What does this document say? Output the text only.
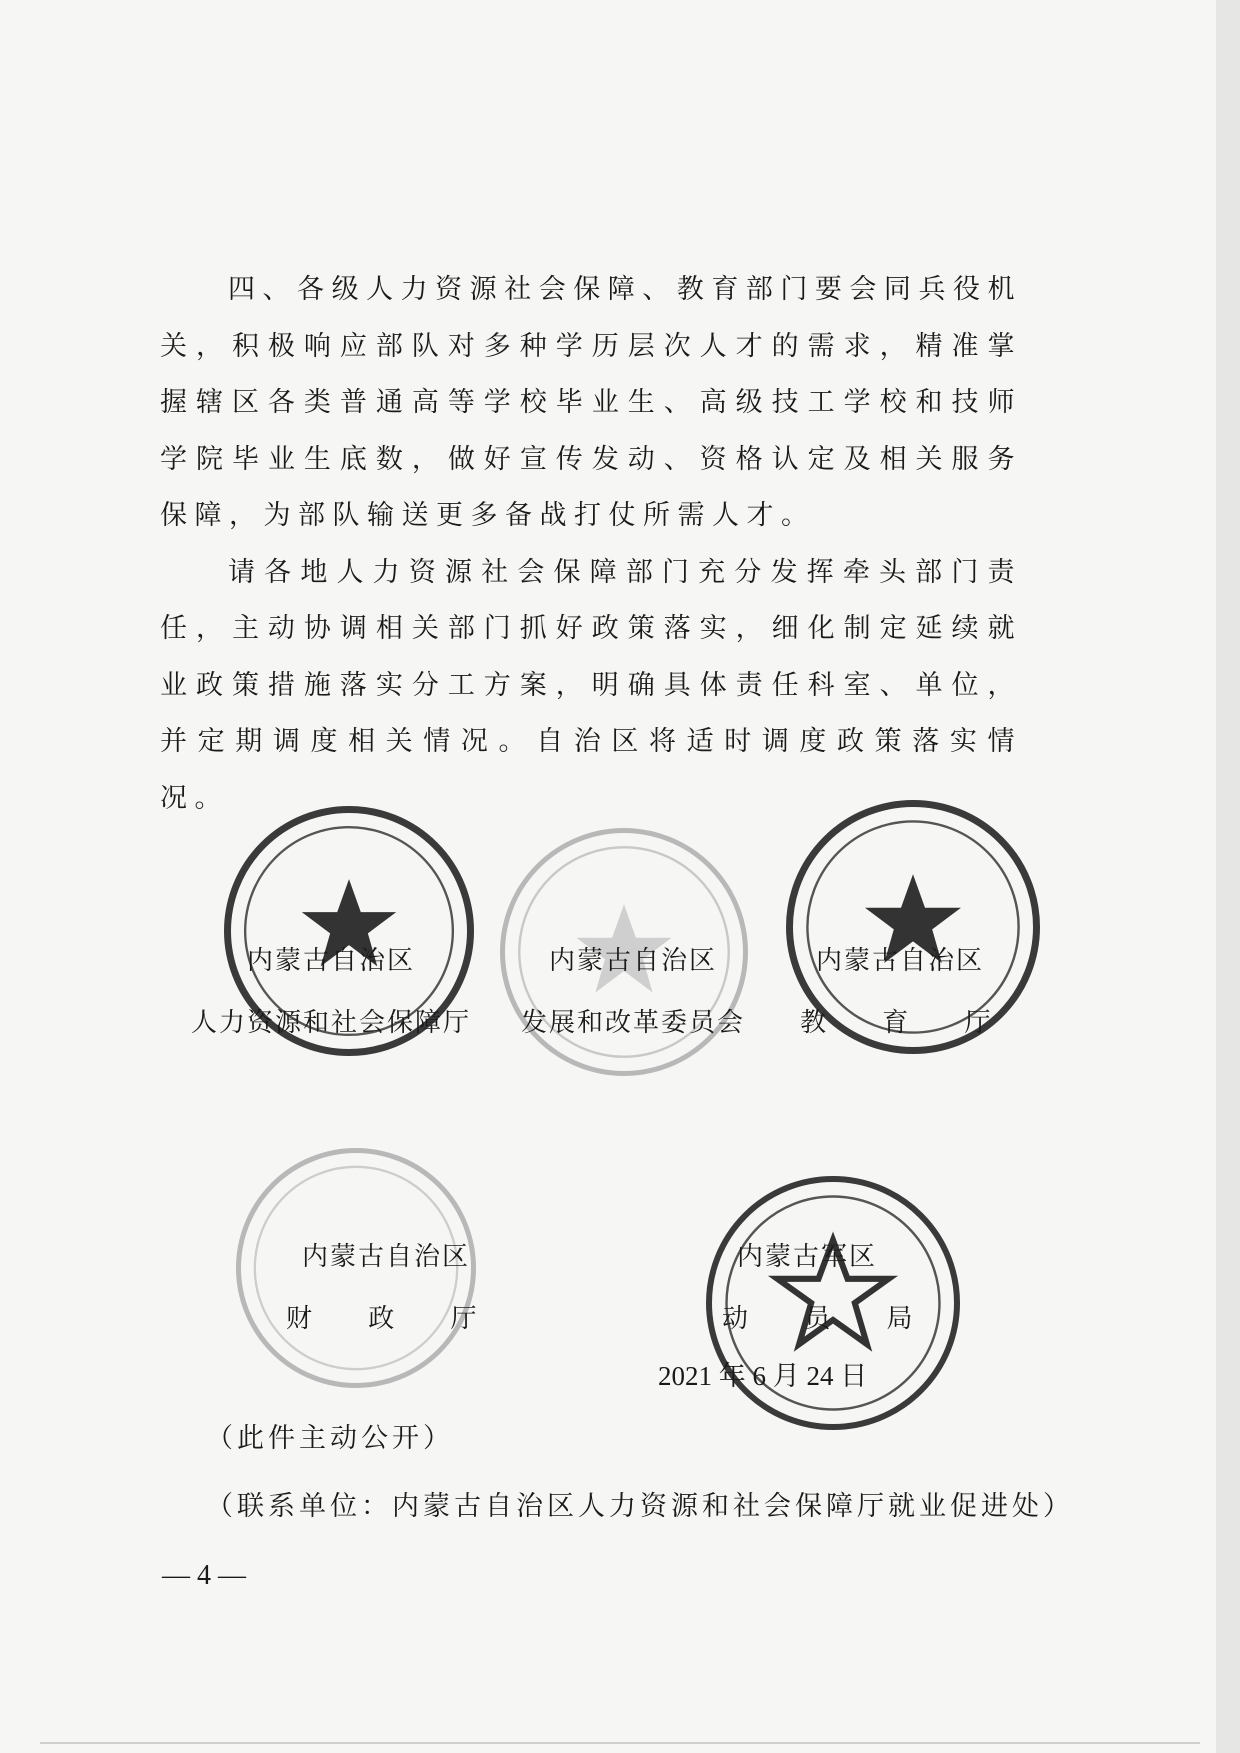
四、各级人力资源社会保障、教育部门要会同兵役机关，积极响应部队对多种学历层次人才的需求，精准掌握辖区各类普通高等学校毕业生、高级技工学校和技师学院毕业生底数，做好宣传发动、资格认定及相关服务保障，为部队输送更多备战打仗所需人才。

请各地人力资源社会保障部门充分发挥牵头部门责任，主动协调相关部门抓好政策落实，细化制定延续就业政策措施落实分工方案，明确具体责任科室、单位，并定期调度相关情况。自治区将适时调度政策落实情况。

内蒙古自治区
人力资源和社会保障厅
内蒙古自治区
发展和改革委员会
内蒙古自治区
教 育 厅
内蒙古自治区
财 政 厅
内蒙古军区
动 员 局
2021 年 6 月 24 日
（此件主动公开）
（联系单位：内蒙古自治区人力资源和社会保障厅就业促进处）
— 4 —
